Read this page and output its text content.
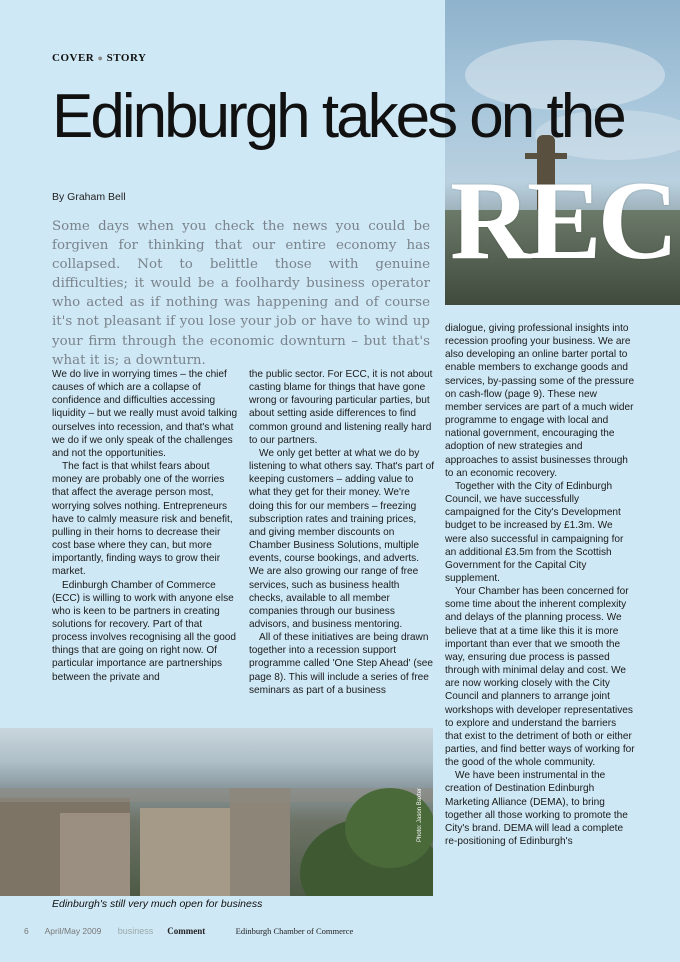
COVER ● STORY
Edinburgh takes on the
REC
By Graham Bell
Some days when you check the news you could be forgiven for thinking that our entire economy has collapsed. Not to belittle those with genuine difficulties; it would be a foolhardy business operator who acted as if nothing was happening and of course it's not pleasant if you lose your job or have to wind up your firm through the economic downturn – but that's what it is; a downturn.

We do live in worrying times – the chief causes of which are a collapse of confidence and difficulties accessing liquidity – but we really must avoid talking ourselves into recession, and that's what we do if we only speak of the challenges and not the opportunities.

The fact is that whilst fears about money are probably one of the worries that affect the average person most, worrying solves nothing. Entrepreneurs have to calmly measure risk and benefit, pulling in their horns to decrease their cost base where they can, but more importantly, finding ways to grow their market.

Edinburgh Chamber of Commerce (ECC) is willing to work with anyone else who is keen to be partners in creating solutions for recovery. Part of that process involves recognising all the good things that are going on right now. Of particular importance are partnerships between the private and

the public sector. For ECC, it is not about casting blame for things that have gone wrong or favouring particular parties, but about setting aside differences to find common ground and listening really hard to our partners.

We only get better at what we do by listening to what others say. That's part of keeping customers – adding value to what they get for their money. We're doing this for our members – freezing subscription rates and training prices, and giving member discounts on Chamber Business Solutions, multiple events, course bookings, and adverts. We are also growing our range of free services, such as business health checks, available to all member companies through our business advisors, and business mentoring.

All of these initiatives are being drawn together into a recession support programme called 'One Step Ahead' (see page 8). This will include a series of free seminars as part of a business

dialogue, giving professional insights into recession proofing your business. We are also developing an online barter portal to enable members to exchange goods and services, by-passing some of the pressure on cash-flow (page 9). These new member services are part of a much wider programme to engage with local and national government, encouraging the adoption of new strategies and approaches to assist businesses through to an economic recovery.

Together with the City of Edinburgh Council, we have successfully campaigned for the City's Development budget to be increased by £1.3m. We were also successful in campaigning for an additional £3.5m from the Scottish Government for the Capital City supplement.

Your Chamber has been concerned for some time about the inherent complexity and delays of the planning process. We believe that at a time like this it is more important than ever that we smooth the way, ensuring due process is passed through with minimal delay and cost. We are now working closely with the City Council and planners to arrange joint workshops with developer representatives to explore and understand the barriers that exist to the detriment of both or either parties, and find better ways of working for the good of the whole community.

We have been instrumental in the creation of Destination Edinburgh Marketing Alliance (DEMA), to bring together all those working to promote the City's brand. DEMA will lead a complete re-positioning of Edinburgh's

Photo: Jason Baxter
Edinburgh's still very much open for business
6 April/May 2009 business Comment	Edinburgh Chamber of Commerce
